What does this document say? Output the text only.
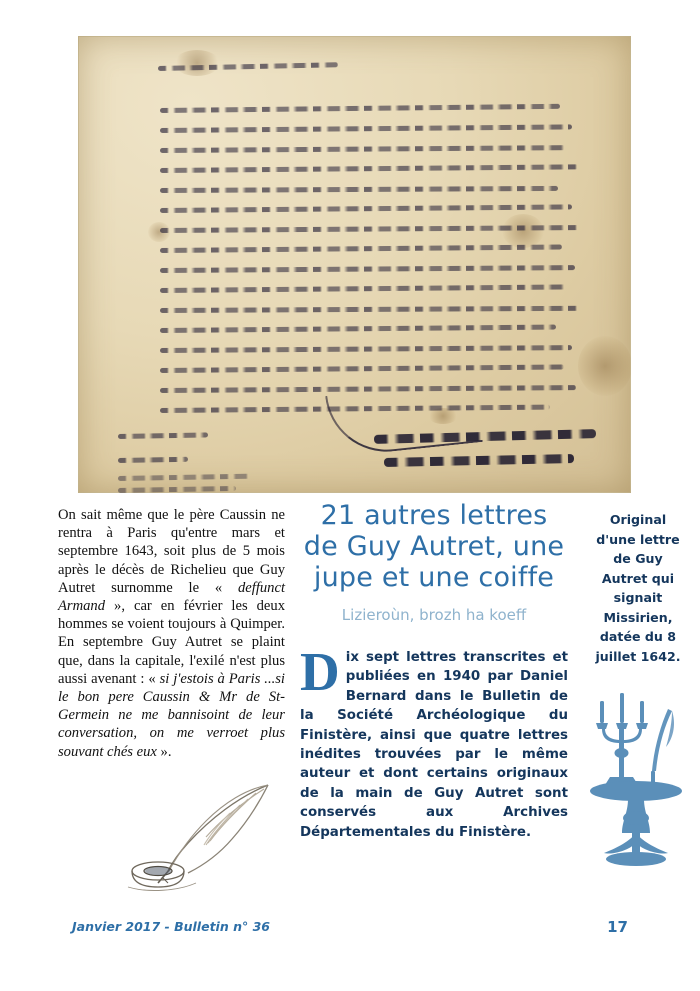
On sait même que le père Caussin ne rentra à Paris qu'entre mars et septembre 1643, soit plus de 5 mois après le décès de Richelieu que Guy Autret surnomme le « deffunct Armand », car en février les deux hommes se voient toujours à Quimper. En septembre Guy Autret se plaint que, dans la capitale, l'exilé n'est plus aussi avenant : « si j'estois à Paris ...si le bon pere Caussin & Mr de St-Germein ne me bannisoint de leur conversation, on me verroet plus souvant chés eux ».
21 autres lettres de Guy Autret, une jupe et une coiffe
Lizieroùn, brozh ha koeff
Dix sept lettres transcrites et publiées en 1940 par Daniel Bernard dans le Bulletin de la Société Archéologique du Finistère, ainsi que quatre lettres inédites trouvées par le même auteur et dont certains originaux de la main de Guy Autret sont conservés aux Archives Départementales du Finistère.
Original d'une lettre de Guy Autret qui signait Missirien, datée du 8 juillet 1642.
Janvier 2017 - Bulletin n° 36	17
